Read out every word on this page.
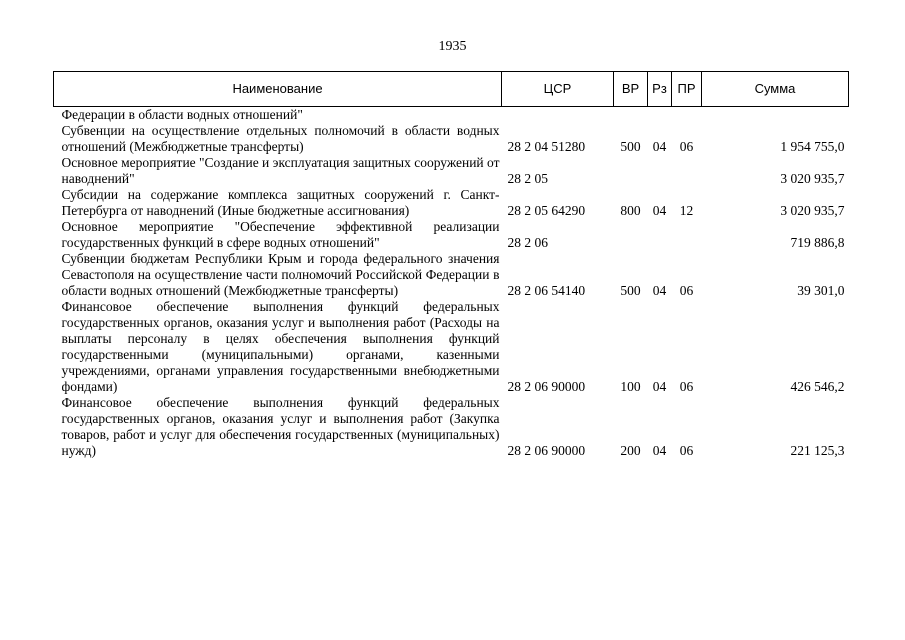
1935
Наименование	ЦСР	ВР	Рз	ПР	Сумма
Федерации в области водных отношений"					
Субвенции на осуществление отдельных полномочий в области водных отношений (Межбюджетные трансферты)	28 2 04 51280	500	04	06	1 954 755,0
Основное мероприятие "Создание и эксплуатация защитных сооружений от наводнений"	28 2 05				3 020 935,7
Субсидии на содержание комплекса защитных сооружений г. Санкт-Петербурга от наводнений (Иные бюджетные ассигнования)	28 2 05 64290	800	04	12	3 020 935,7
Основное мероприятие "Обеспечение эффективной реализации государственных функций в сфере водных отношений"	28 2 06				719 886,8
Субвенции бюджетам Республики Крым и города федерального значения Севастополя на осуществление части полномочий Российской Федерации в области водных отношений (Межбюджетные трансферты)	28 2 06 54140	500	04	06	39 301,0
Финансовое обеспечение выполнения функций федеральных государственных органов, оказания услуг и выполнения работ (Расходы на выплаты персоналу в целях обеспечения выполнения функций государственными (муниципальными) органами, казенными учреждениями, органами управления государственными внебюджетными фондами)	28 2 06 90000	100	04	06	426 546,2
Финансовое обеспечение выполнения функций федеральных государственных органов, оказания услуг и выполнения работ (Закупка товаров, работ и услуг для обеспечения государственных (муниципальных) нужд)	28 2 06 90000	200	04	06	221 125,3
